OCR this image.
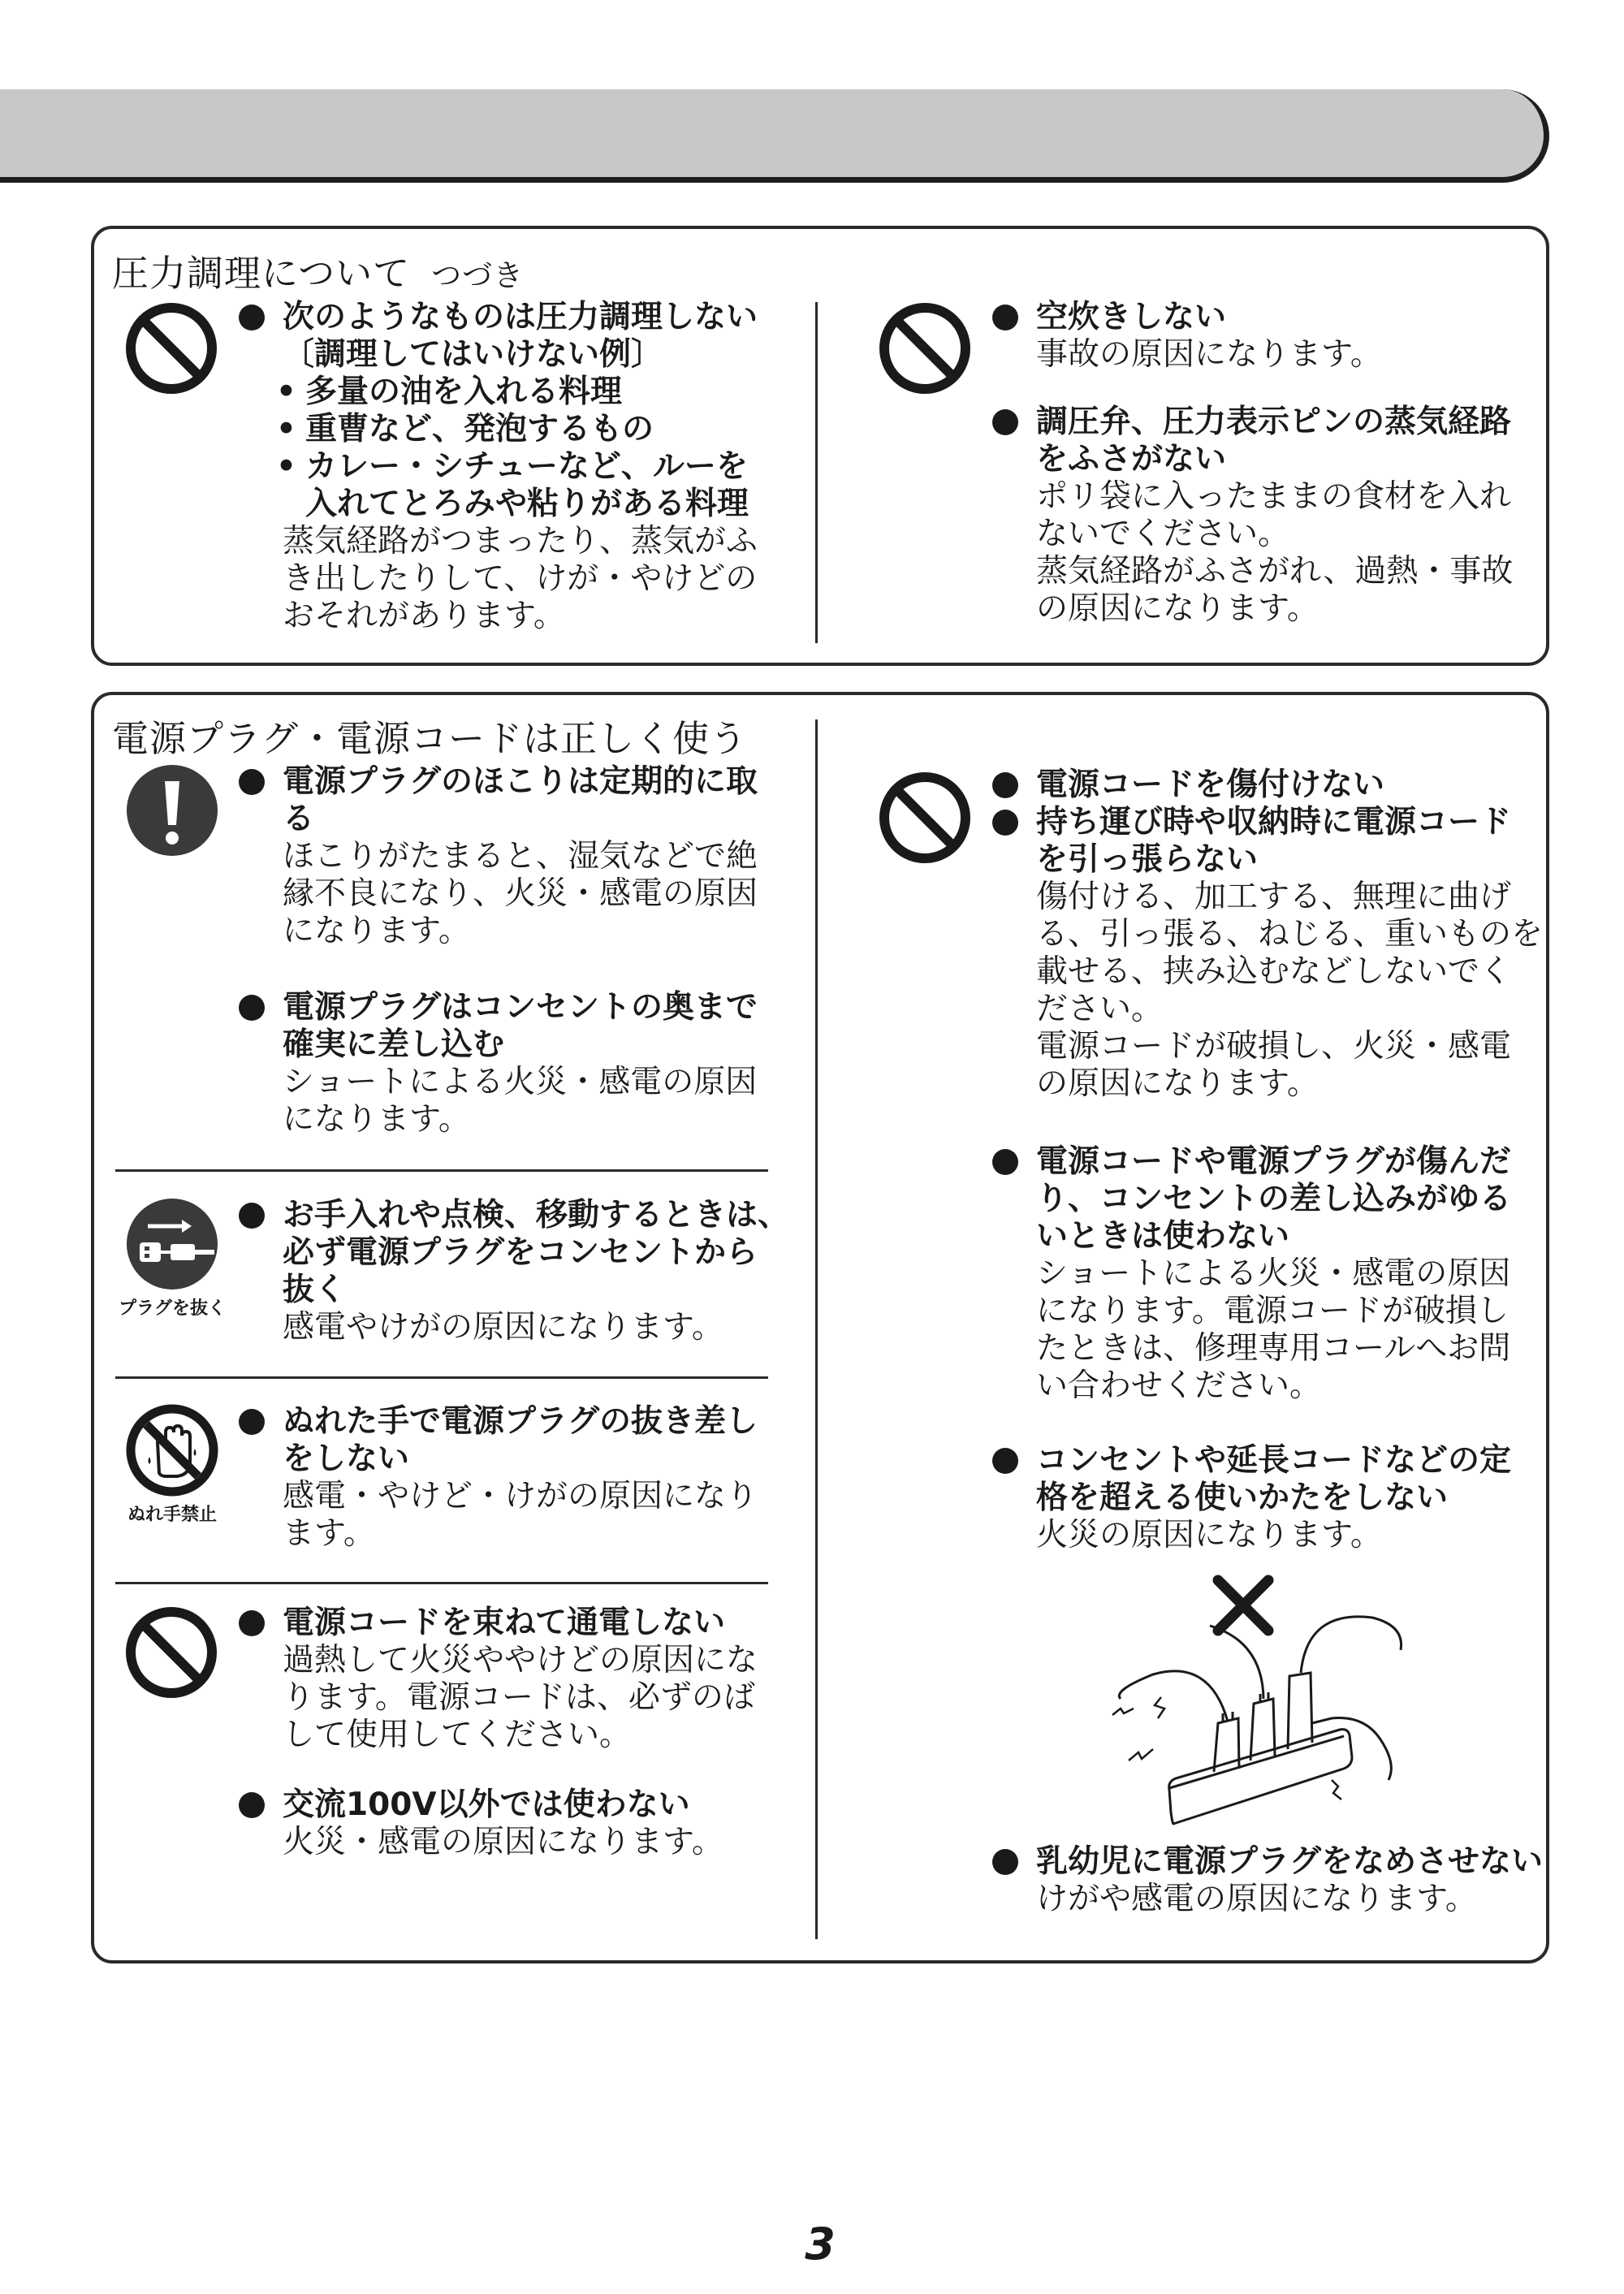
圧力調理について つづき
次のようなものは圧力調理しない
〔調理してはいけない例〕
• 多量の油を入れる料理
• 重曹など、発泡するもの
• カレー・シチューなど、ルーを
入れてとろみや粘りがある料理
蒸気経路がつまったり、蒸気がふ
き出したりして、けが・やけどの
おそれがあります。
空炊きしない
事故の原因になります。
調圧弁、圧力表示ピンの蒸気経路
をふさがない
ポリ袋に入ったままの食材を入れ
ないでください。
蒸気経路がふさがれ、過熱・事故
の原因になります。
電源プラグ・電源コードは正しく使う
電源プラグのほこりは定期的に取
る
ほこりがたまると、湿気などで絶
縁不良になり、火災・感電の原因
になります。
電源プラグはコンセントの奥まで
確実に差し込む
ショートによる火災・感電の原因
になります。
プラグを抜く
お手入れや点検、移動するときは、
必ず電源プラグをコンセントから
抜く
感電やけがの原因になります。
ぬれ手禁止
ぬれた手で電源プラグの抜き差し
をしない
感電・やけど・けがの原因になり
ます。
電源コードを束ねて通電しない
過熱して火災ややけどの原因にな
ります。電源コードは、必ずのば
して使用してください。
交流100V以外では使わない
火災・感電の原因になります。
電源コードを傷付けない
持ち運び時や収納時に電源コード
を引っ張らない
傷付ける、加工する、無理に曲げ
る、引っ張る、ねじる、重いものを
載せる、挟み込むなどしないでく
ださい。
電源コードが破損し、火災・感電
の原因になります。
電源コードや電源プラグが傷んだ
り、コンセントの差し込みがゆる
いときは使わない
ショートによる火災・感電の原因
になります。電源コードが破損し
たときは、修理専用コールへお問
い合わせください。
コンセントや延長コードなどの定
格を超える使いかたをしない
火災の原因になります。
乳幼児に電源プラグをなめさせない
けがや感電の原因になります。
3
